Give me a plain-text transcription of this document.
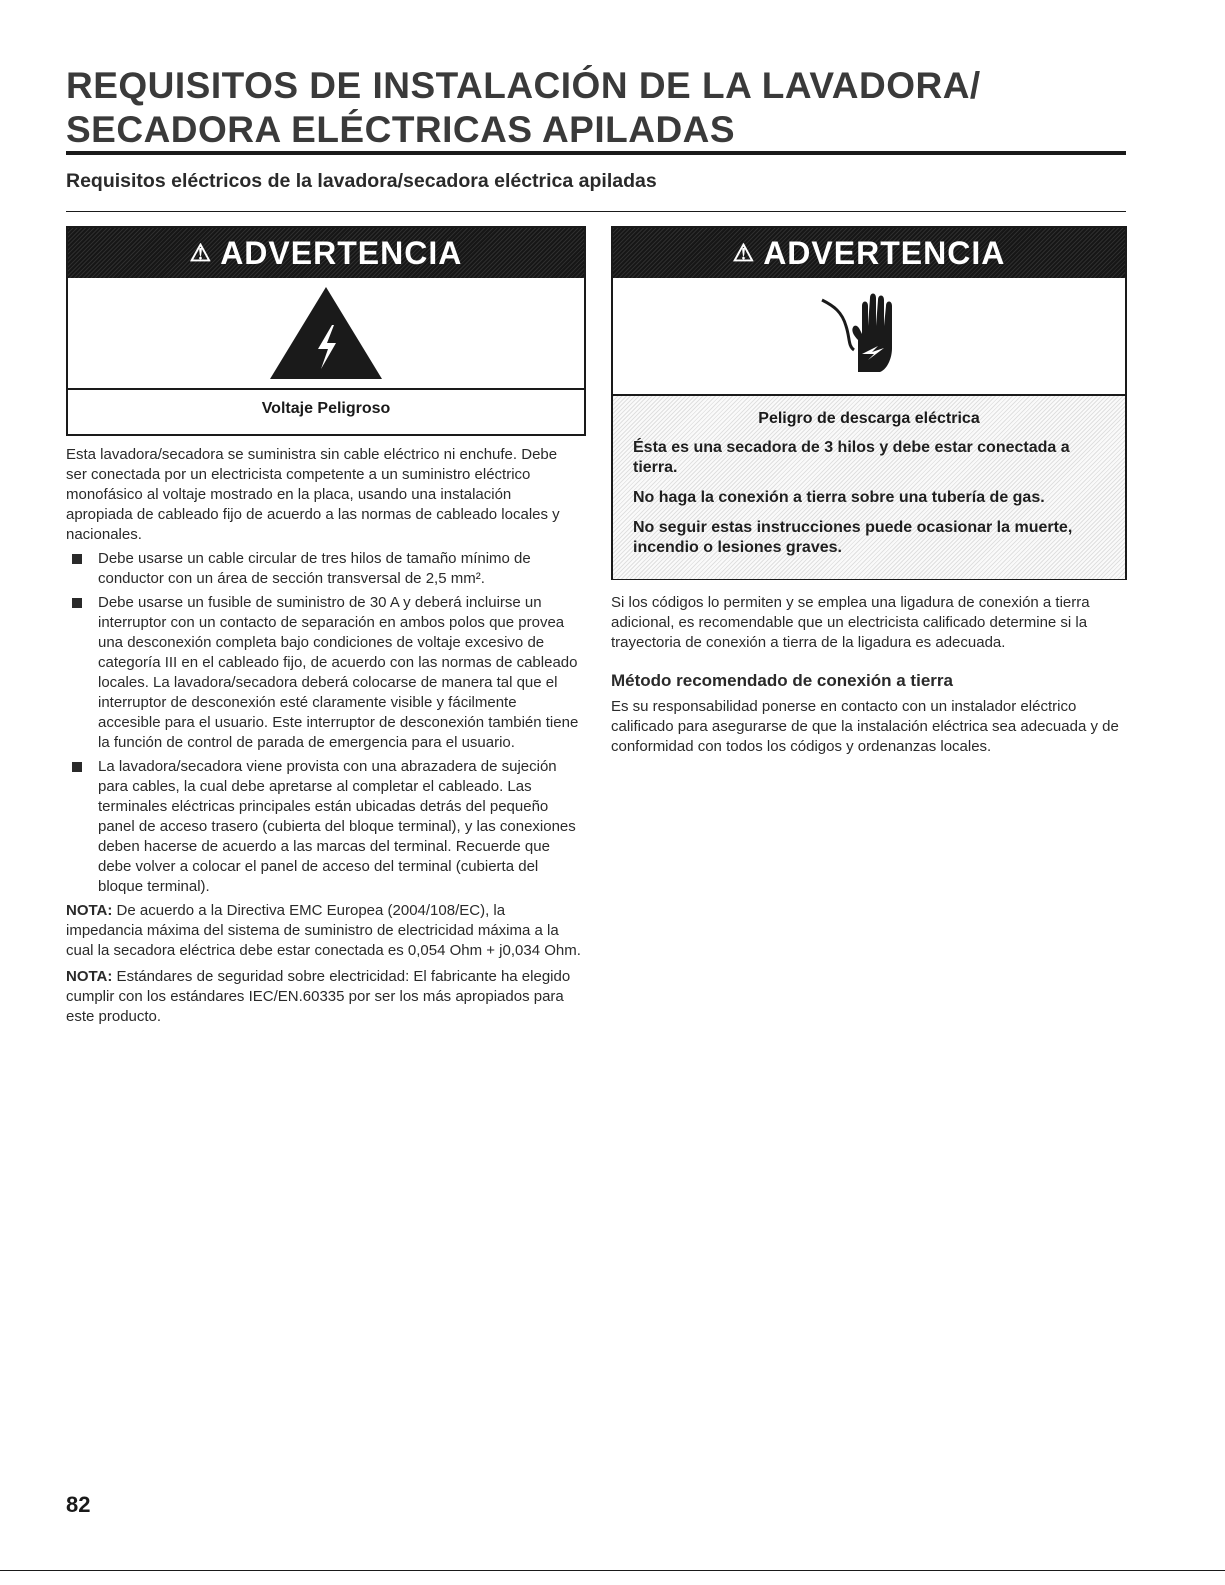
REQUISITOS DE INSTALACIÓN DE LA LAVADORA/ SECADORA ELÉCTRICAS APILADAS
Requisitos eléctricos de la lavadora/secadora eléctrica apiladas
⚠ ADVERTENCIA
Voltaje Peligroso
⚠ ADVERTENCIA
Peligro de descarga eléctrica

Ésta es una secadora de 3 hilos y debe estar conectada a tierra.

No haga la conexión a tierra sobre una tubería de gas.

No seguir estas instrucciones puede ocasionar la muerte, incendio o lesiones graves.

Esta lavadora/secadora se suministra sin cable eléctrico ni enchufe. Debe ser conectada por un electricista competente a un suministro eléctrico monofásico al voltaje mostrado en la placa, usando una instalación apropiada de cableado fijo de acuerdo a las normas de cableado locales y nacionales.

Debe usarse un cable circular de tres hilos de tamaño mínimo de conductor con un área de sección transversal de 2,5 mm².
Debe usarse un fusible de suministro de 30 A y deberá incluirse un interruptor con un contacto de separación en ambos polos que provea una desconexión completa bajo condiciones de voltaje excesivo de categoría III en el cableado fijo, de acuerdo con las normas de cableado locales. La lavadora/secadora deberá colocarse de manera tal que el interruptor de desconexión esté claramente visible y fácilmente accesible para el usuario. Este interruptor de desconexión también tiene la función de control de parada de emergencia para el usuario.
La lavadora/secadora viene provista con una abrazadera de sujeción para cables, la cual debe apretarse al completar el cableado. Las terminales eléctricas principales están ubicadas detrás del pequeño panel de acceso trasero (cubierta del bloque terminal), y las conexiones deben hacerse de acuerdo a las marcas del terminal. Recuerde que debe volver a colocar el panel de acceso del terminal (cubierta del bloque terminal).

NOTA: De acuerdo a la Directiva EMC Europea (2004/108/EC), la impedancia máxima del sistema de suministro de electricidad máxima a la cual la secadora eléctrica debe estar conectada es 0,054 Ohm + j0,034 Ohm.

NOTA: Estándares de seguridad sobre electricidad: El fabricante ha elegido cumplir con los estándares IEC/EN.60335 por ser los más apropiados para este producto.

Si los códigos lo permiten y se emplea una ligadura de conexión a tierra adicional, es recomendable que un electricista calificado determine si la trayectoria de conexión a tierra de la ligadura es adecuada.

Método recomendado de conexión a tierra

Es su responsabilidad ponerse en contacto con un instalador eléctrico calificado para asegurarse de que la instalación eléctrica sea adecuada y de conformidad con todos los códigos y ordenanzas locales.

82
